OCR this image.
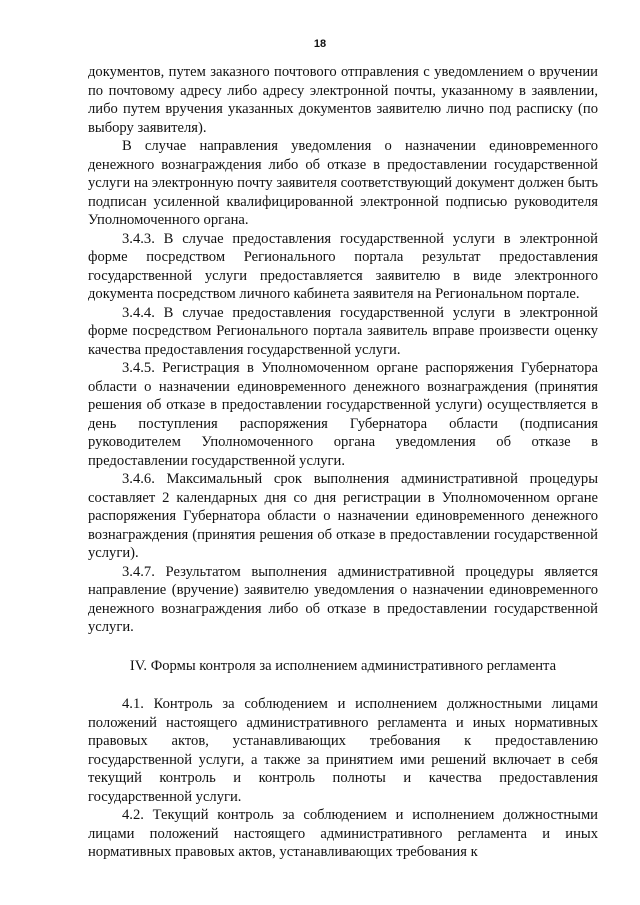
18

документов, путем заказного почтового отправления с уведомлением о вручении по почтовому адресу либо адресу электронной почты, указанному в заявлении, либо путем вручения указанных документов заявителю лично под расписку (по выбору заявителя).

В случае направления уведомления о назначении единовременного денежного вознаграждения либо об отказе в предоставлении государственной услуги на электронную почту заявителя соответствующий документ должен быть подписан усиленной квалифицированной электронной подписью руководителя Уполномоченного органа.

3.4.3. В случае предоставления государственной услуги в электронной форме посредством Регионального портала результат предоставления государственной услуги предоставляется заявителю в виде электронного документа посредством личного кабинета заявителя на Региональном портале.

3.4.4. В случае предоставления государственной услуги в электронной форме посредством Регионального портала заявитель вправе произвести оценку качества предоставления государственной услуги.

3.4.5. Регистрация в Уполномоченном органе распоряжения Губернатора области о назначении единовременного денежного вознаграждения (принятия решения об отказе в предоставлении государственной услуги) осуществляется в день поступления распоряжения Губернатора области (подписания руководителем Уполномоченного органа уведомления об отказе в предоставлении государственной услуги.

3.4.6. Максимальный срок выполнения административной процедуры составляет 2 календарных дня со дня регистрации в Уполномоченном органе распоряжения Губернатора области о назначении единовременного денежного вознаграждения (принятия решения об отказе в предоставлении государственной услуги).

3.4.7. Результатом выполнения административной процедуры является направление (вручение) заявителю уведомления о назначении единовременного денежного вознаграждения либо об отказе в предоставлении государственной услуги.

IV. Формы контроля за исполнением административного регламента

4.1. Контроль за соблюдением и исполнением должностными лицами положений настоящего административного регламента и иных нормативных правовых актов, устанавливающих требования к предоставлению государственной услуги, а также за принятием ими решений включает в себя текущий контроль и контроль полноты и качества предоставления государственной услуги.

4.2. Текущий контроль за соблюдением и исполнением должностными лицами положений настоящего административного регламента и иных нормативных правовых актов, устанавливающих требования к
